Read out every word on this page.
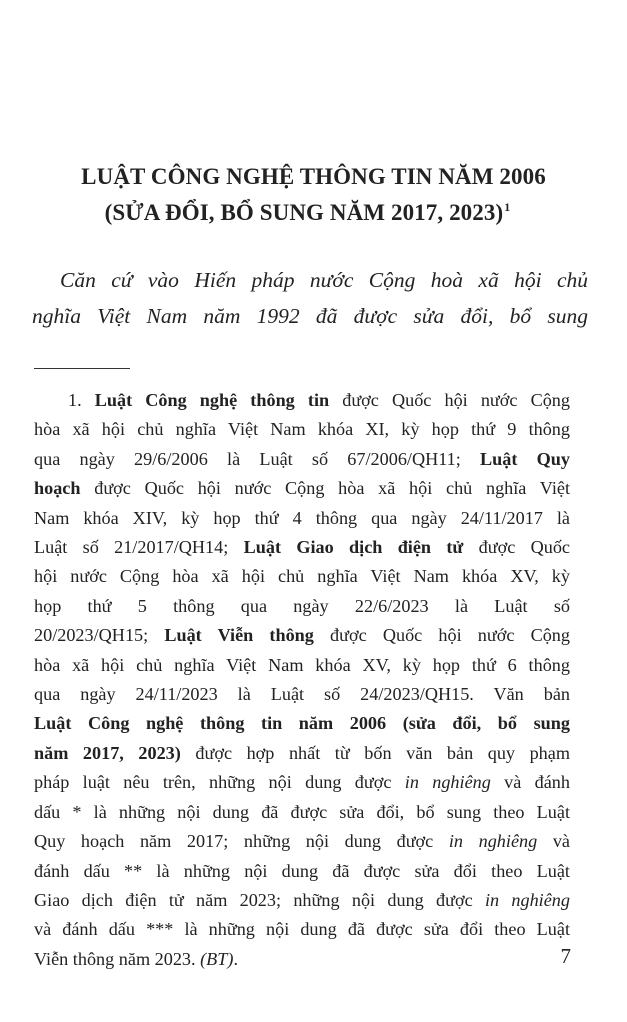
LUẬT CÔNG NGHỆ THÔNG TIN NĂM 2006
(SỬA ĐỔI, BỔ SUNG NĂM 2017, 2023)$^1$
Căn cứ vào Hiến pháp nước Cộng hoà xã hội chủ
nghĩa Việt Nam năm 1992 đã được sửa đổi, bổ sung
1. Luật Công nghệ thông tin được Quốc hội nước Cộng
hòa xã hội chủ nghĩa Việt Nam khóa XI, kỳ họp thứ 9 thông
qua ngày 29/6/2006 là Luật số 67/2006/QH11; Luật Quy
hoạch được Quốc hội nước Cộng hòa xã hội chủ nghĩa Việt
Nam khóa XIV, kỳ họp thứ 4 thông qua ngày 24/11/2017 là
Luật số 21/2017/QH14; Luật Giao dịch điện tử được Quốc
hội nước Cộng hòa xã hội chủ nghĩa Việt Nam khóa XV, kỳ
họp thứ 5 thông qua ngày 22/6/2023 là Luật số
20/2023/QH15; Luật Viễn thông được Quốc hội nước Cộng
hòa xã hội chủ nghĩa Việt Nam khóa XV, kỳ họp thứ 6 thông
qua ngày 24/11/2023 là Luật số 24/2023/QH15. Văn bản
Luật Công nghệ thông tin năm 2006 (sửa đổi, bổ sung
năm 2017, 2023) được hợp nhất từ bốn văn bản quy phạm
pháp luật nêu trên, những nội dung được in nghiêng và đánh
dấu * là những nội dung đã được sửa đổi, bổ sung theo Luật
Quy hoạch năm 2017; những nội dung được in nghiêng và
đánh dấu ** là những nội dung đã được sửa đổi theo Luật
Giao dịch điện tử năm 2023; những nội dung được in nghiêng
và đánh dấu *** là những nội dung đã được sửa đổi theo Luật
Viễn thông năm 2023. (BT).	7
